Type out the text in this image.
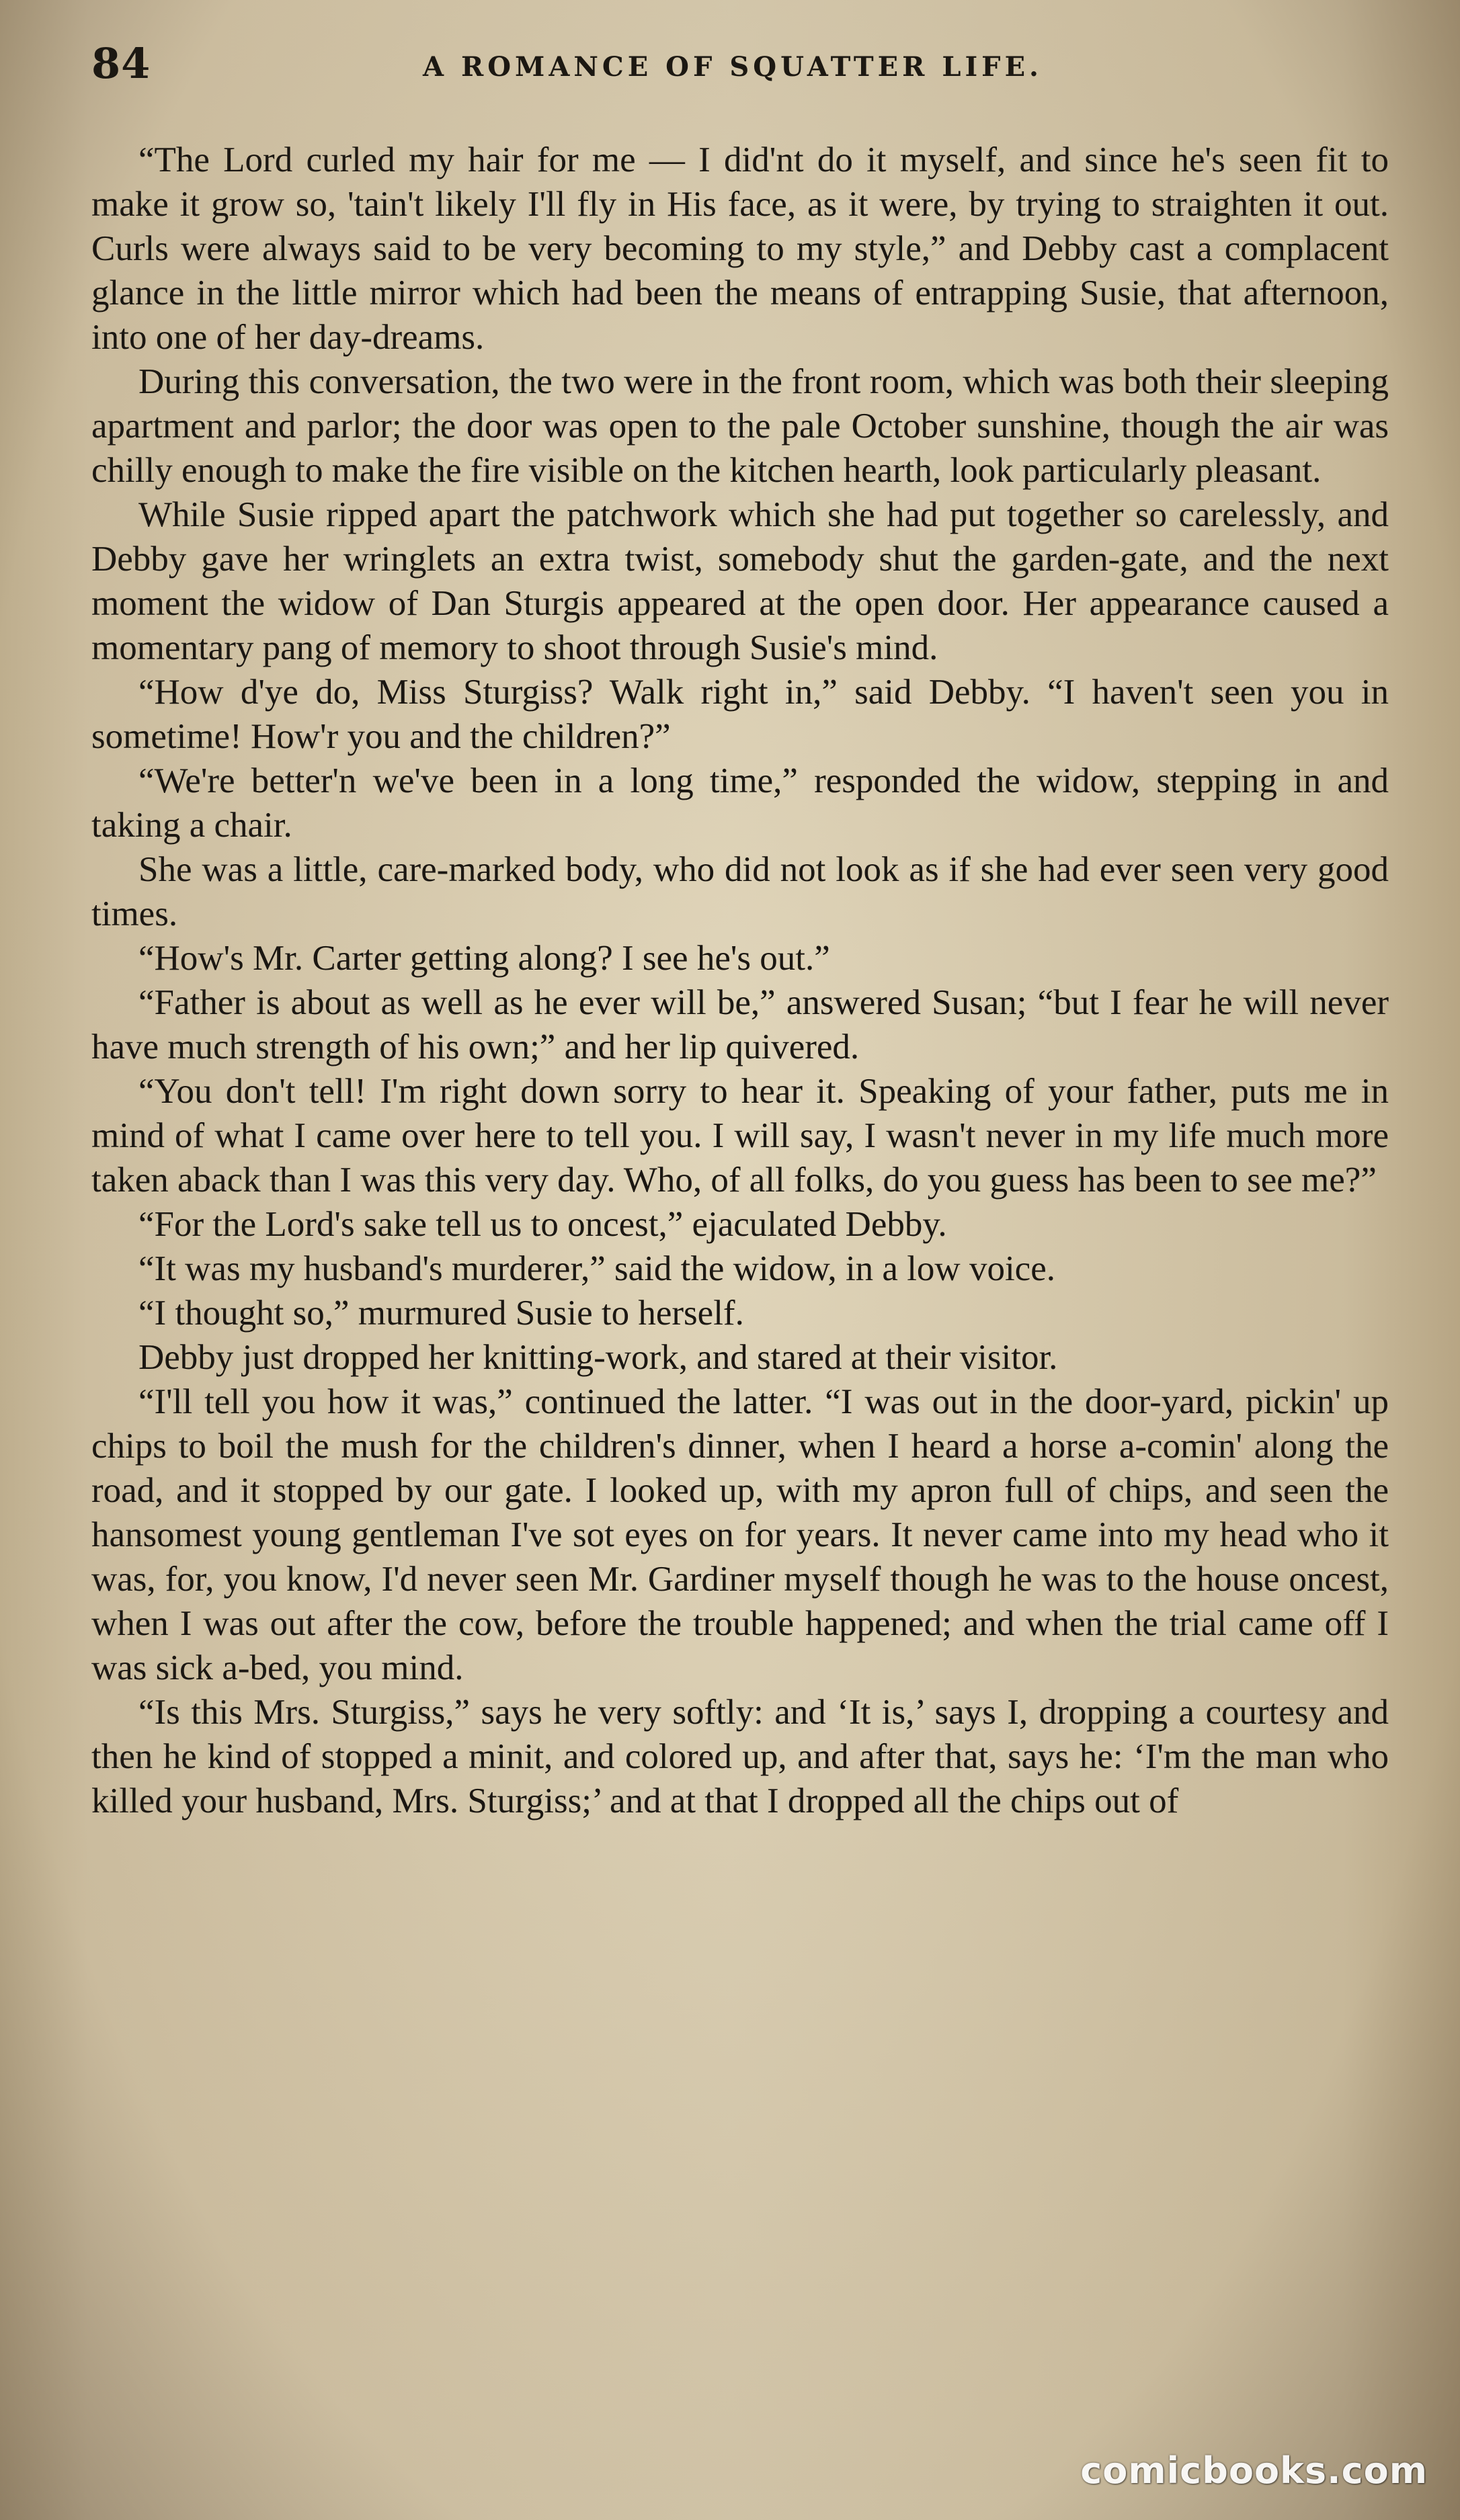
84	A ROMANCE OF SQUATTER LIFE.

“The Lord curled my hair for me — I did'nt do it myself, and since he's seen fit to make it grow so, 'tain't likely I'll fly in His face, as it were, by trying to straighten it out. Curls were always said to be very becoming to my style,” and Debby cast a complacent glance in the little mirror which had been the means of entrapping Susie, that afternoon, into one of her day-dreams.

During this conversation, the two were in the front room, which was both their sleeping apartment and parlor; the door was open to the pale October sunshine, though the air was chilly enough to make the fire visible on the kitchen hearth, look particularly pleasant.

While Susie ripped apart the patchwork which she had put together so carelessly, and Debby gave her wringlets an extra twist, somebody shut the garden-gate, and the next moment the widow of Dan Sturgis appeared at the open door. Her appearance caused a momentary pang of memory to shoot through Susie's mind.

“How d'ye do, Miss Sturgiss? Walk right in,” said Debby. “I haven't seen you in sometime! How'r you and the children?”

“We're better'n we've been in a long time,” responded the widow, stepping in and taking a chair.

She was a little, care-marked body, who did not look as if she had ever seen very good times.

“How's Mr. Carter getting along? I see he's out.”

“Father is about as well as he ever will be,” answered Susan; “but I fear he will never have much strength of his own;” and her lip quivered.

“You don't tell! I'm right down sorry to hear it. Speaking of your father, puts me in mind of what I came over here to tell you. I will say, I wasn't never in my life much more taken aback than I was this very day. Who, of all folks, do you guess has been to see me?”

“For the Lord's sake tell us to oncest,” ejaculated Debby.

“It was my husband's murderer,” said the widow, in a low voice.

“I thought so,” murmured Susie to herself.

Debby just dropped her knitting-work, and stared at their visitor.

“I'll tell you how it was,” continued the latter. “I was out in the door-yard, pickin' up chips to boil the mush for the children's dinner, when I heard a horse a-comin' along the road, and it stopped by our gate. I looked up, with my apron full of chips, and seen the hansomest young gentleman I've sot eyes on for years. It never came into my head who it was, for, you know, I'd never seen Mr. Gardiner myself though he was to the house oncest, when I was out after the cow, before the trouble happened; and when the trial came off I was sick a-bed, you mind.

“Is this Mrs. Sturgiss,” says he very softly: and ‘It is,’ says I, dropping a courtesy and then he kind of stopped a minit, and colored up, and after that, says he: ‘I'm the man who killed your husband, Mrs. Sturgiss;’ and at that I dropped all the chips out of

comicbooks.com
